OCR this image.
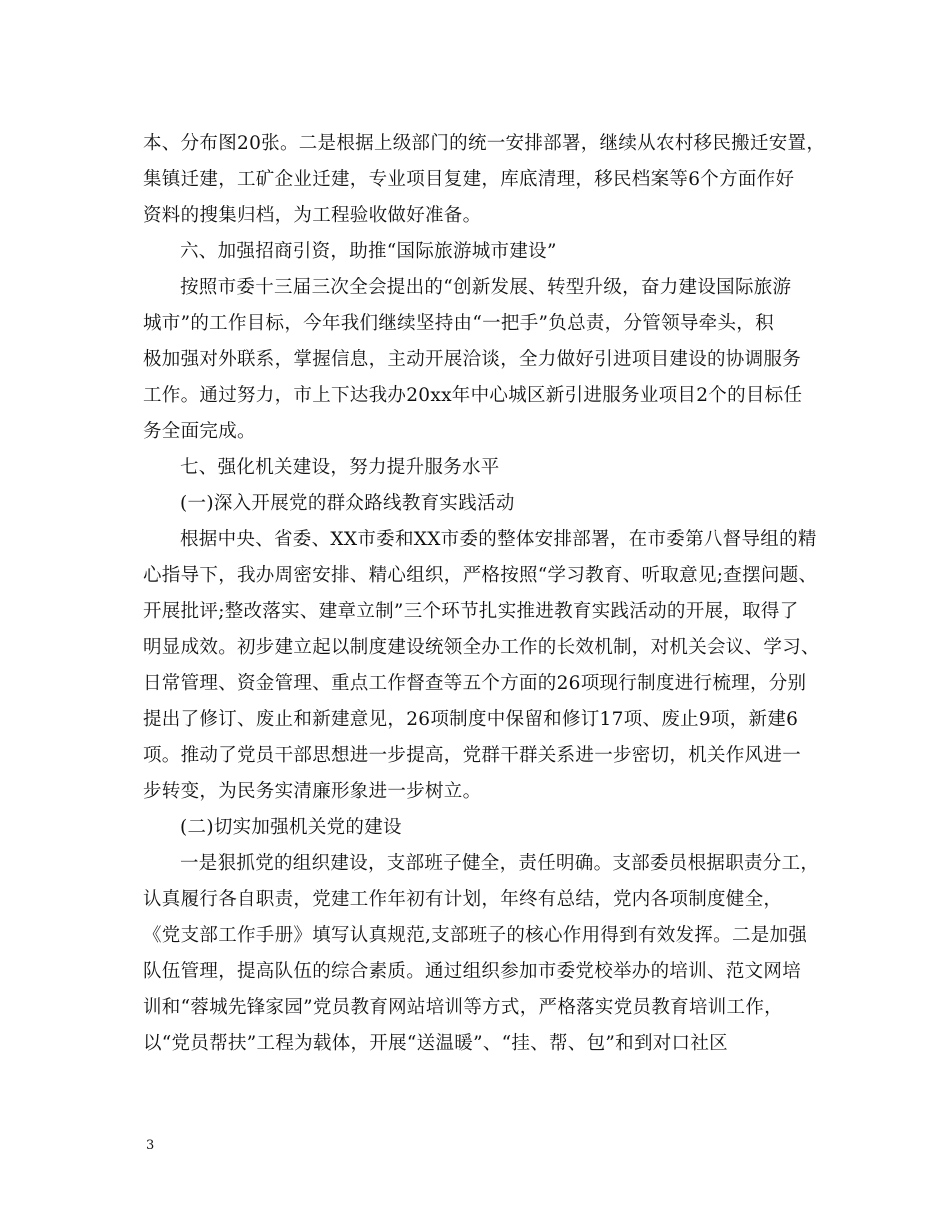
本、分布图20张。二是根据上级部门的统一安排部署，继续从农村移民搬迁安置，
集镇迁建，工矿企业迁建，专业项目复建，库底清理，移民档案等6个方面作好
资料的搜集归档，为工程验收做好准备。
六、加强招商引资，助推“国际旅游城市建设”
按照市委十三届三次全会提出的“创新发展、转型升级，奋力建设国际旅游
城市”的工作目标，今年我们继续坚持由“一把手”负总责，分管领导牵头，积
极加强对外联系，掌握信息，主动开展洽谈，全力做好引进项目建设的协调服务
工作。通过努力，市上下达我办20xx年中心城区新引进服务业项目2个的目标任
务全面完成。
七、强化机关建设，努力提升服务水平
(一)深入开展党的群众路线教育实践活动
根据中央、省委、XX市委和XX市委的整体安排部署，在市委第八督导组的精
心指导下，我办周密安排、精心组织，严格按照“学习教育、听取意见;查摆问题、
开展批评;整改落实、建章立制”三个环节扎实推进教育实践活动的开展，取得了
明显成效。初步建立起以制度建设统领全办工作的长效机制，对机关会议、学习、
日常管理、资金管理、重点工作督查等五个方面的26项现行制度进行梳理，分别
提出了修订、废止和新建意见，26项制度中保留和修订17项、废止9项，新建6
项。推动了党员干部思想进一步提高，党群干群关系进一步密切，机关作风进一
步转变，为民务实清廉形象进一步树立。
(二)切实加强机关党的建设
一是狠抓党的组织建设，支部班子健全，责任明确。支部委员根据职责分工，
认真履行各自职责，党建工作年初有计划，年终有总结，党内各项制度健全，
《党支部工作手册》填写认真规范,支部班子的核心作用得到有效发挥。二是加强
队伍管理，提高队伍的综合素质。通过组织参加市委党校举办的培训、范文网培
训和“蓉城先锋家园”党员教育网站培训等方式，严格落实党员教育培训工作，
以“党员帮扶”工程为载体，开展“送温暖”、“挂、帮、包”和到对口社区
3
